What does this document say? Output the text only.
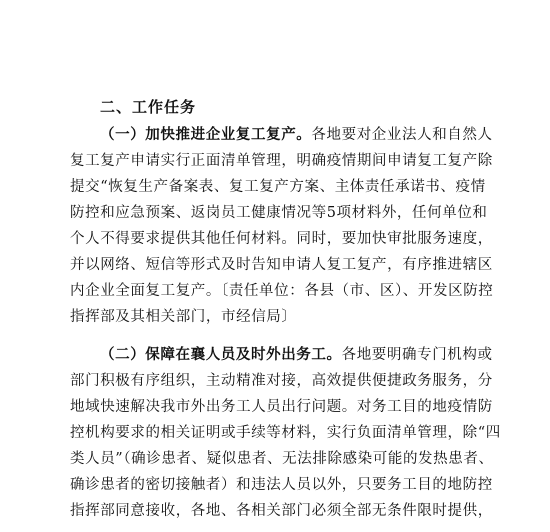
二、工作任务
（一）加快推进企业复工复产。各地要对企业法人和自然人
复工复产申请实行正面清单管理，明确疫情期间申请复工复产除
提交“恢复生产备案表、复工复产方案、主体责任承诺书、疫情
防控和应急预案、返岗员工健康情况等5项材料外，任何单位和
个人不得要求提供其他任何材料。同时，要加快审批服务速度，
并以网络、短信等形式及时告知申请人复工复产，有序推进辖区
内企业全面复工复产。〔责任单位：各县（市、区）、开发区防控
指挥部及其相关部门，市经信局〕
（二）保障在襄人员及时外出务工。各地要明确专门机构或
部门积极有序组织，主动精准对接，高效提供便捷政务服务，分
地域快速解决我市外出务工人员出行问题。对务工目的地疫情防
控机构要求的相关证明或手续等材料，实行负面清单管理，除“四
类人员”（确诊患者、疑似患者、无法排除感染可能的发热患者、
确诊患者的密切接触者）和违法人员以外，只要务工目的地防控
指挥部同意接收，各地、各相关部门必须全部无条件限时提供，
